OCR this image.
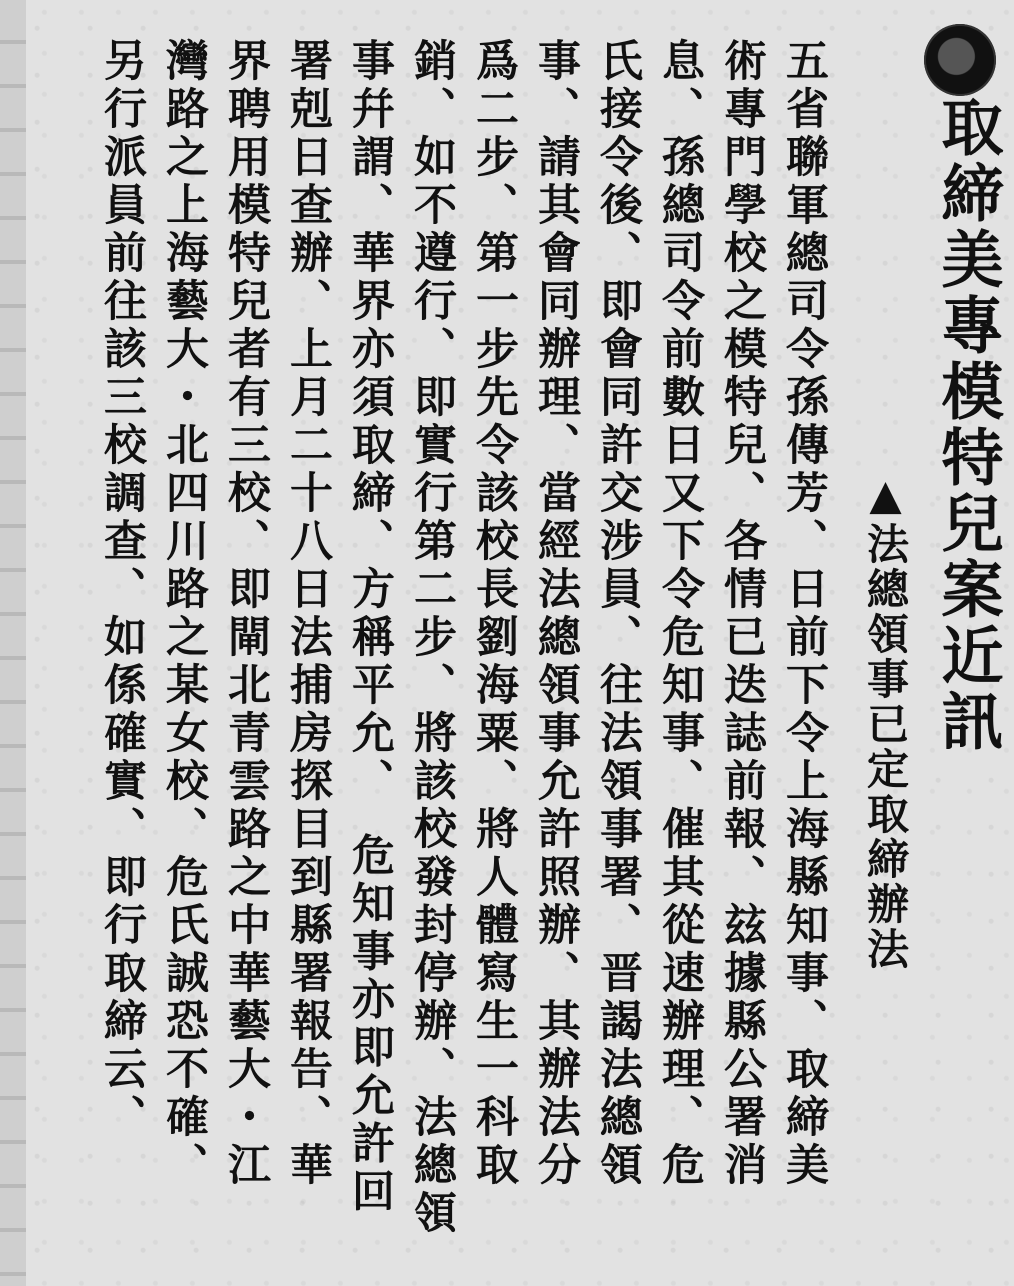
取締美專模特兒案近訊
▲法總領事已定取締辦法
五省聯軍總司令孫傳芳、日前下令上海縣知事、取締美
術專門學校之模特兒、各情已迭誌前報、玆據縣公署消
息、孫總司令前數日又下令危知事、催其從速辦理、危
氏接令後、即會同許交涉員、往法領事署、晋謁法總領
事、請其會同辦理、當經法總領事允許照辦、其辦法分
爲二步、第一步先令該校長劉海粟、將人體寫生一科取
銷、如不遵行、即實行第二步、將該校發封停辦、法總領
事幷謂、華界亦須取締、方稱平允、　危知事亦即允許回
署剋日查辦、上月二十八日法捕房探目到縣署報告、華
界聘用模特兒者有三校、即閘北青雲路之中華藝大・江
灣路之上海藝大・北四川路之某女校、危氏誠恐不確、
另行派員前往該三校調查、如係確實、即行取締云、
